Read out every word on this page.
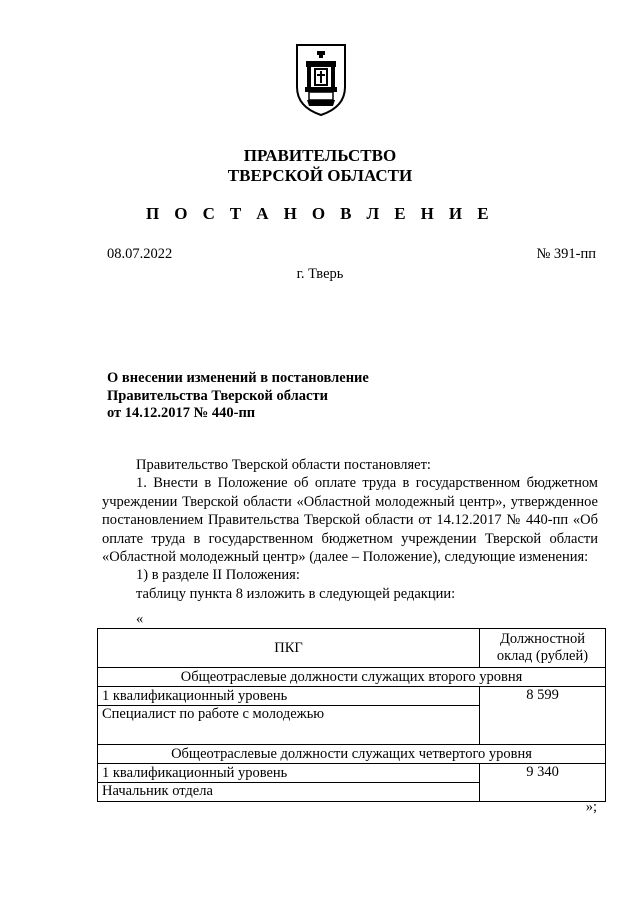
ПРАВИТЕЛЬСТВО
ТВЕРСКОЙ ОБЛАСТИ
П О С Т А Н О В Л Е Н И Е
08.07.2022	№ 391-пп
г. Тверь
О внесении изменений в постановление
Правительства Тверской области
от 14.12.2017 № 440-пп

Правительство Тверской области постановляет:

1. Внести в Положение об оплате труда в государственном бюджетном учреждении Тверской области «Областной молодежный центр», утвержденное постановлением Правительства Тверской области от 14.12.2017 № 440-пп «Об оплате труда в государственном бюджетном учреждении Тверской области «Областной молодежный центр» (далее – Положение), следующие изменения:

1) в разделе II Положения:

таблицу пункта 8 изложить в следующей редакции:

«
ПКГ	Должностной
оклад (рублей)

Общеотраслевые должности служащих второго уровня	
1 квалификационный уровень	8 599
Специалист по работе с молодежью	
Общеотраслевые должности служащих четвертого уровня	
1 квалификационный уровень	9 340
Начальник отдела	
»;
